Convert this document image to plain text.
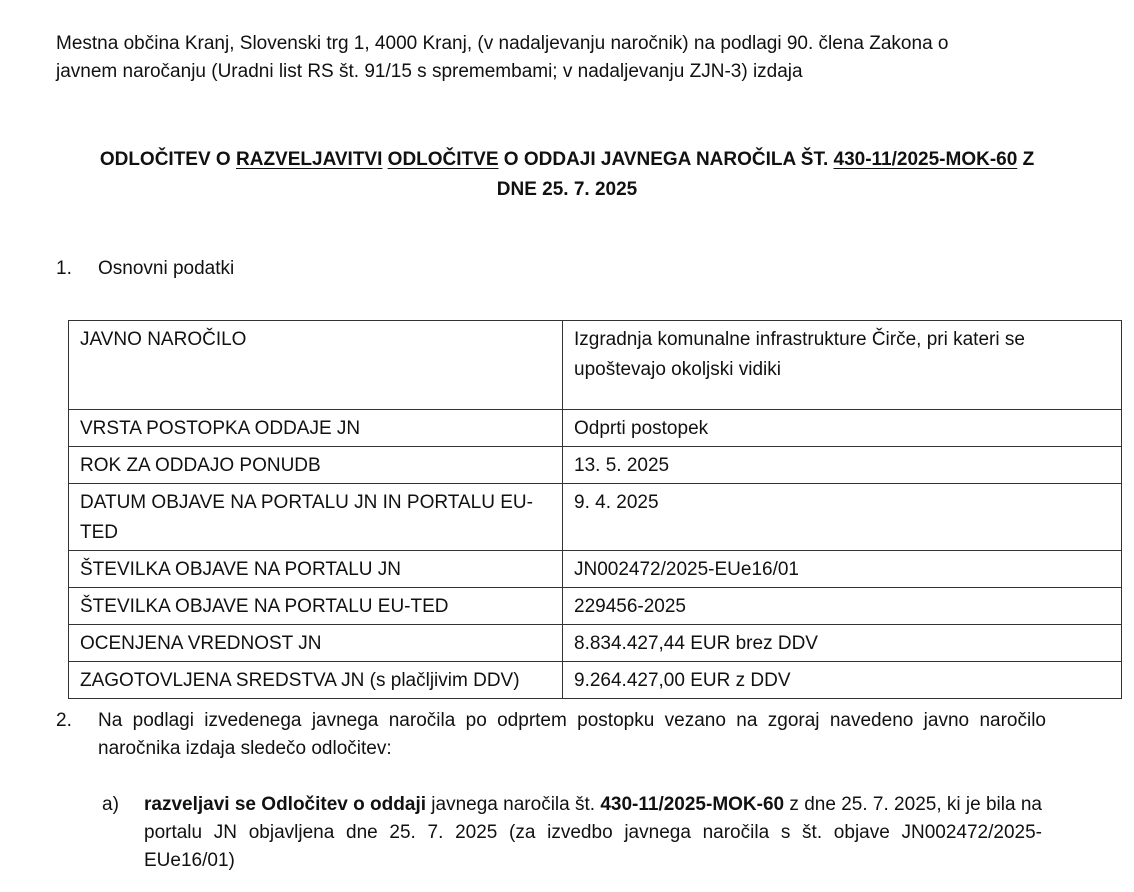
Mestna občina Kranj, Slovenski trg 1, 4000 Kranj, (v nadaljevanju naročnik) na podlagi 90. člena Zakona o
javnem naročanju (Uradni list RS št. 91/15 s spremembami; v nadaljevanju ZJN-3) izdaja
ODLOČITEV O RAZVELJAVITVI ODLOČITVE O ODDAJI JAVNEGA NAROČILA ŠT. 430-11/2025-MOK-60 Z
DNE 25. 7. 2025
1. Osnovni podatki
JAVNO NAROČILO	Izgradnja komunalne infrastrukture Čirče, pri kateri se upoštevajo okoljski vidiki
VRSTA POSTOPKA ODDAJE JN	Odprti postopek
ROK ZA ODDAJO PONUDB	13. 5. 2025
DATUM OBJAVE NA PORTALU JN IN PORTALU EU-TED	9. 4. 2025
ŠTEVILKA OBJAVE NA PORTALU JN	JN002472/2025-EUe16/01
ŠTEVILKA OBJAVE NA PORTALU EU-TED	229456-2025
OCENJENA VREDNOST JN	8.834.427,44 EUR brez DDV
ZAGOTOVLJENA SREDSTVA JN (s plačljivim DDV)	9.264.427,00 EUR z DDV
2.	Na podlagi izvedenega javnega naročila po odprtem postopku vezano na zgoraj navedeno javno naročilo naročnika izdaja sledečo odločitev:
a)	razveljavi se Odločitev o oddaji javnega naročila št. 430-11/2025-MOK-60 z dne 25. 7. 2025, ki je bila na portalu JN objavljena dne 25. 7. 2025 (za izvedbo javnega naročila s št. objave JN002472/2025-EUe16/01)
